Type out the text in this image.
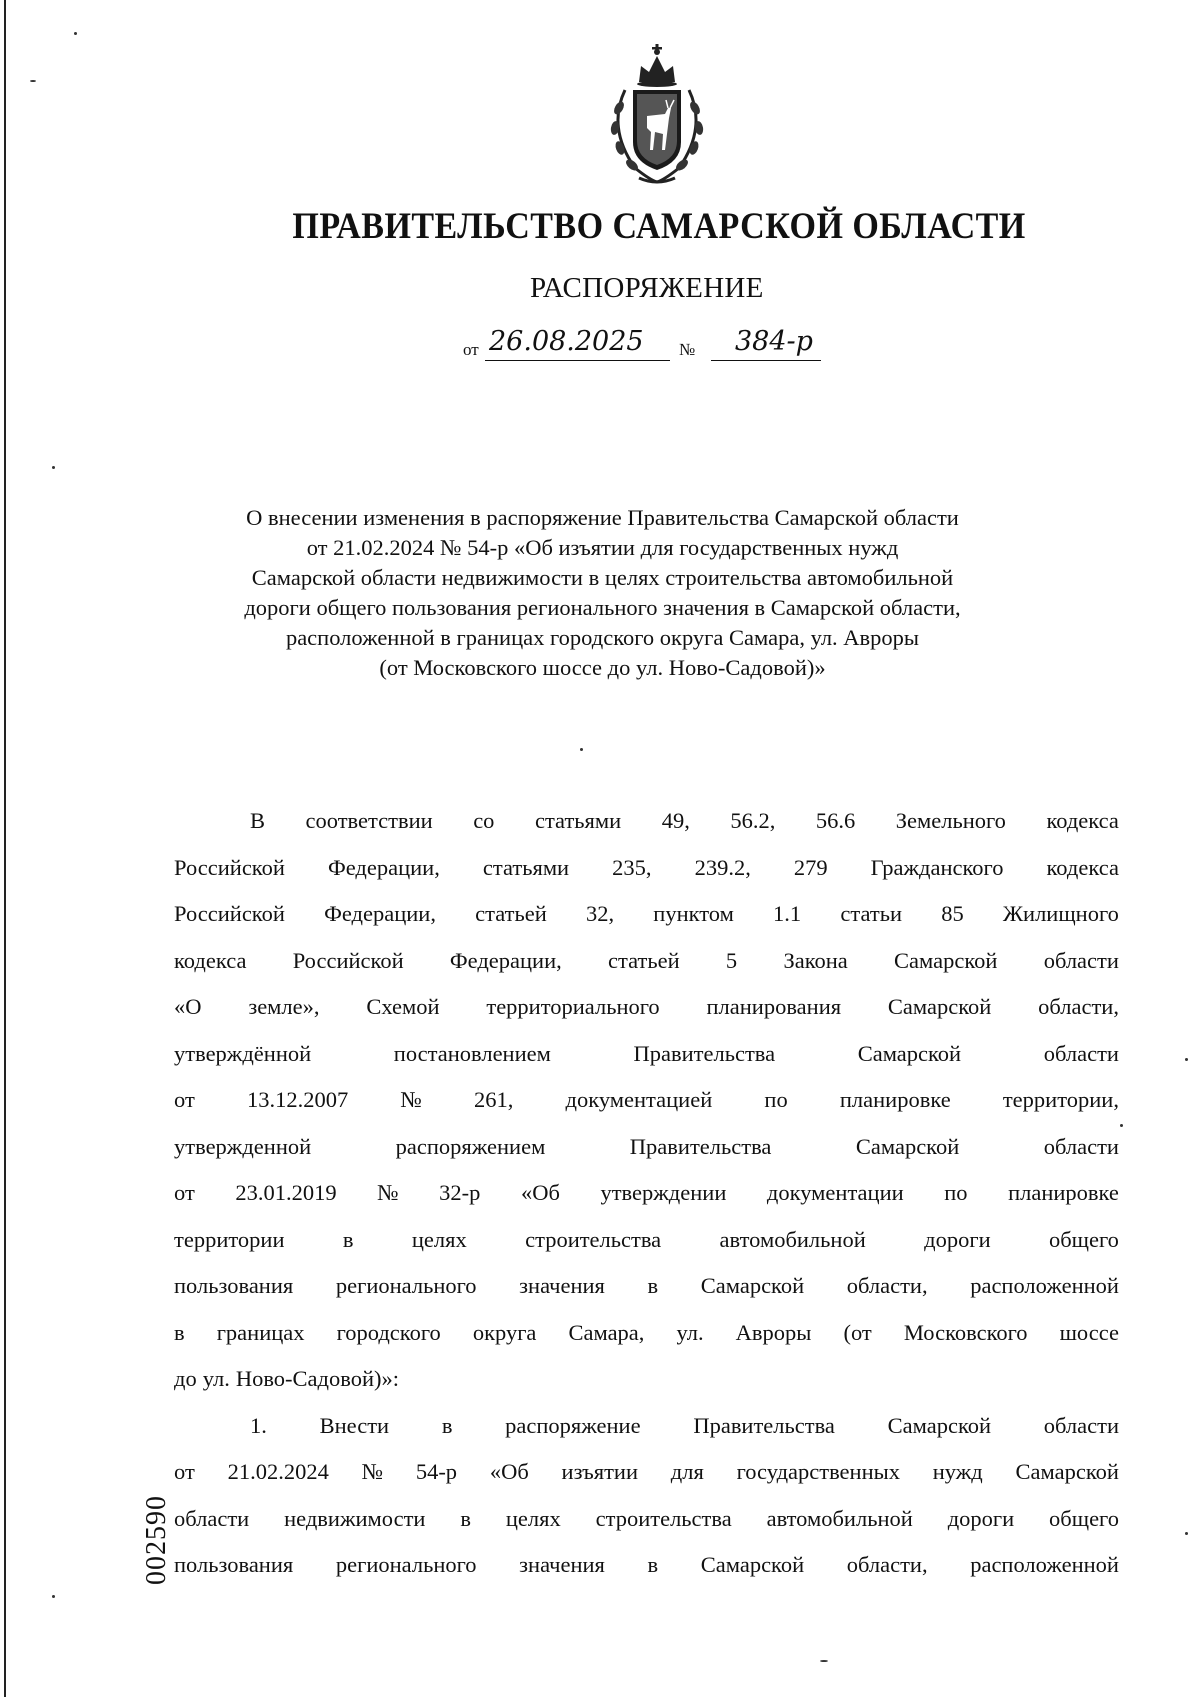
ПРАВИТЕЛЬСТВО САМАРСКОЙ ОБЛАСТИ
РАСПОРЯЖЕНИЕ
от 26.08.2025 № 384-р
О внесении изменения в распоряжение Правительства Самарской области
от 21.02.2024 № 54-р «Об изъятии для государственных нужд
Самарской области недвижимости в целях строительства автомобильной
дороги общего пользования регионального значения в Самарской области,
расположенной в границах городского округа Самара, ул. Авроры
(от Московского шоссе до ул. Ново-Садовой)»
В соответствии со статьями 49, 56.2, 56.6 Земельного кодекса
Российской Федерации, статьями 235, 239.2, 279 Гражданского кодекса
Российской Федерации, статьей 32, пунктом 1.1 статьи 85 Жилищного
кодекса Российской Федерации, статьей 5 Закона Самарской области
«О земле», Схемой территориального планирования Самарской области,
утверждённой	постановлением	Правительства	Самарской	области
от 13.12.2007 № 261, документацией по планировке территории,
утвержденной	распоряжением	Правительства	Самарской	области
от 23.01.2019 № 32-р «Об утверждении документации по планировке
территории	в	целях	строительства	автомобильной	дороги	общего
пользования регионального значения в Самарской области, расположенной
в границах городского округа Самара, ул. Авроры (от Московского шоссе
до ул. Ново-Садовой)»:
1. Внести в распоряжение Правительства Самарской области
от 21.02.2024 № 54-р «Об изъятии для государственных нужд Самарской
области недвижимости в целях строительства автомобильной дороги общего
пользования регионального значения в Самарской области, расположенной
002590
